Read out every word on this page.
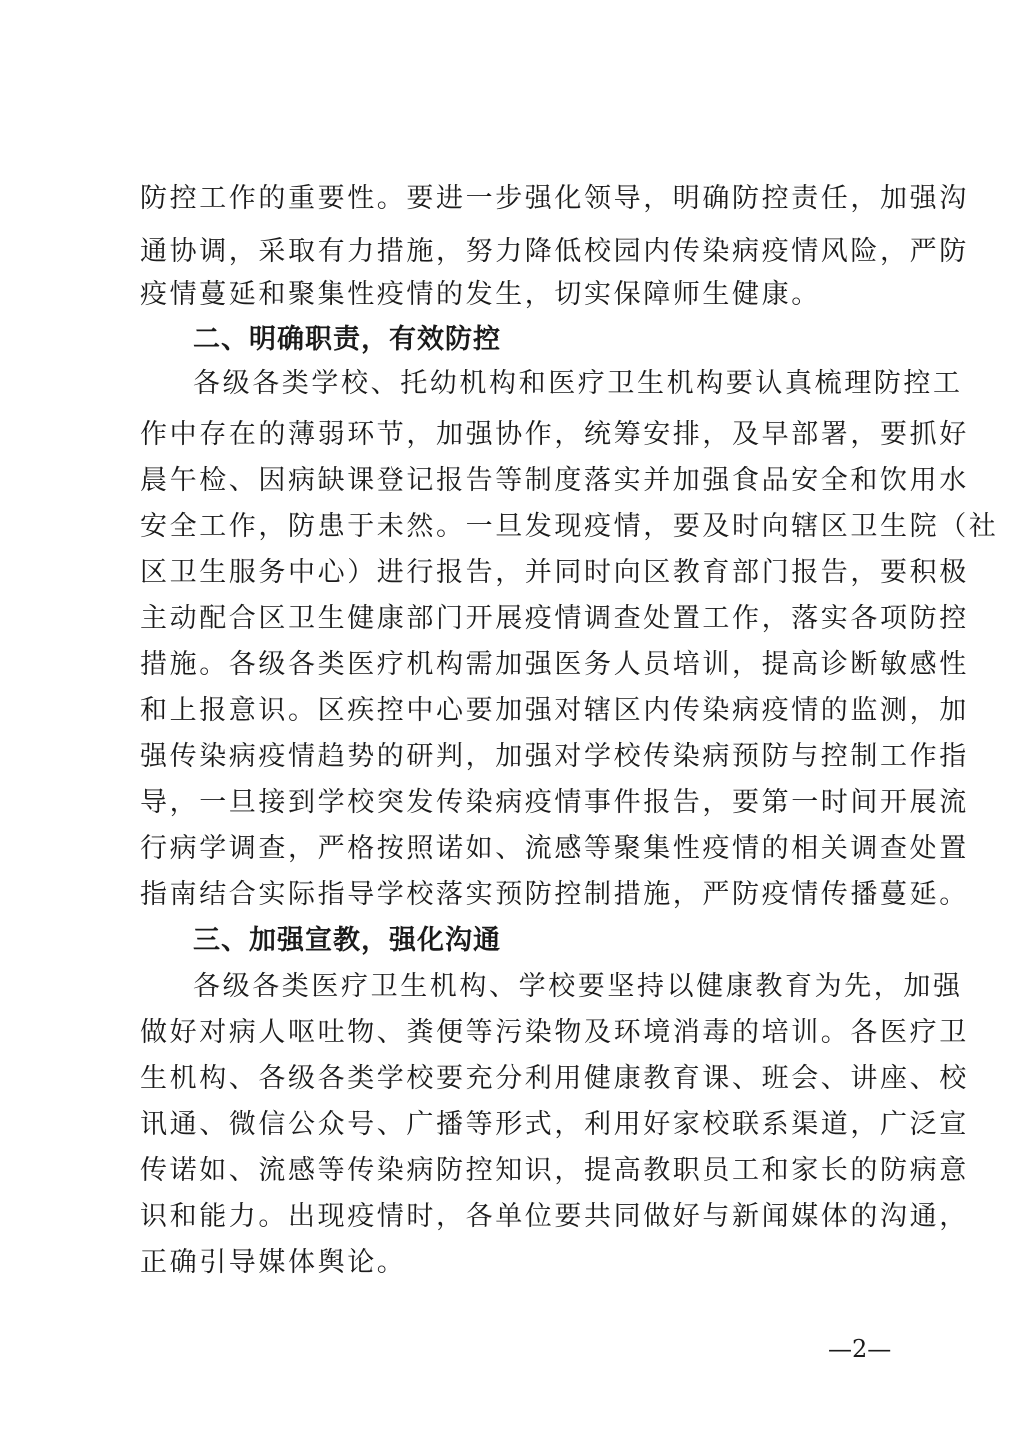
防控工作的重要性。要进一步强化领导，明确防控责任，加强沟
通协调，采取有力措施，努力降低校园内传染病疫情风险，严防
疫情蔓延和聚集性疫情的发生，切实保障师生健康。
二、明确职责，有效防控
各级各类学校、托幼机构和医疗卫生机构要认真梳理防控工
作中存在的薄弱环节，加强协作，统筹安排，及早部署，要抓好
晨午检、因病缺课登记报告等制度落实并加强食品安全和饮用水
安全工作，防患于未然。一旦发现疫情，要及时向辖区卫生院（社
区卫生服务中心）进行报告，并同时向区教育部门报告，要积极
主动配合区卫生健康部门开展疫情调查处置工作，落实各项防控
措施。各级各类医疗机构需加强医务人员培训，提高诊断敏感性
和上报意识。区疾控中心要加强对辖区内传染病疫情的监测，加
强传染病疫情趋势的研判，加强对学校传染病预防与控制工作指
导，一旦接到学校突发传染病疫情事件报告，要第一时间开展流
行病学调查，严格按照诺如、流感等聚集性疫情的相关调查处置
指南结合实际指导学校落实预防控制措施，严防疫情传播蔓延。
三、加强宣教，强化沟通
各级各类医疗卫生机构、学校要坚持以健康教育为先，加强
做好对病人呕吐物、粪便等污染物及环境消毒的培训。各医疗卫
生机构、各级各类学校要充分利用健康教育课、班会、讲座、校
讯通、微信公众号、广播等形式，利用好家校联系渠道，广泛宣
传诺如、流感等传染病防控知识，提高教职员工和家长的防病意
识和能力。出现疫情时，各单位要共同做好与新闻媒体的沟通，
正确引导媒体舆论。
—2—
